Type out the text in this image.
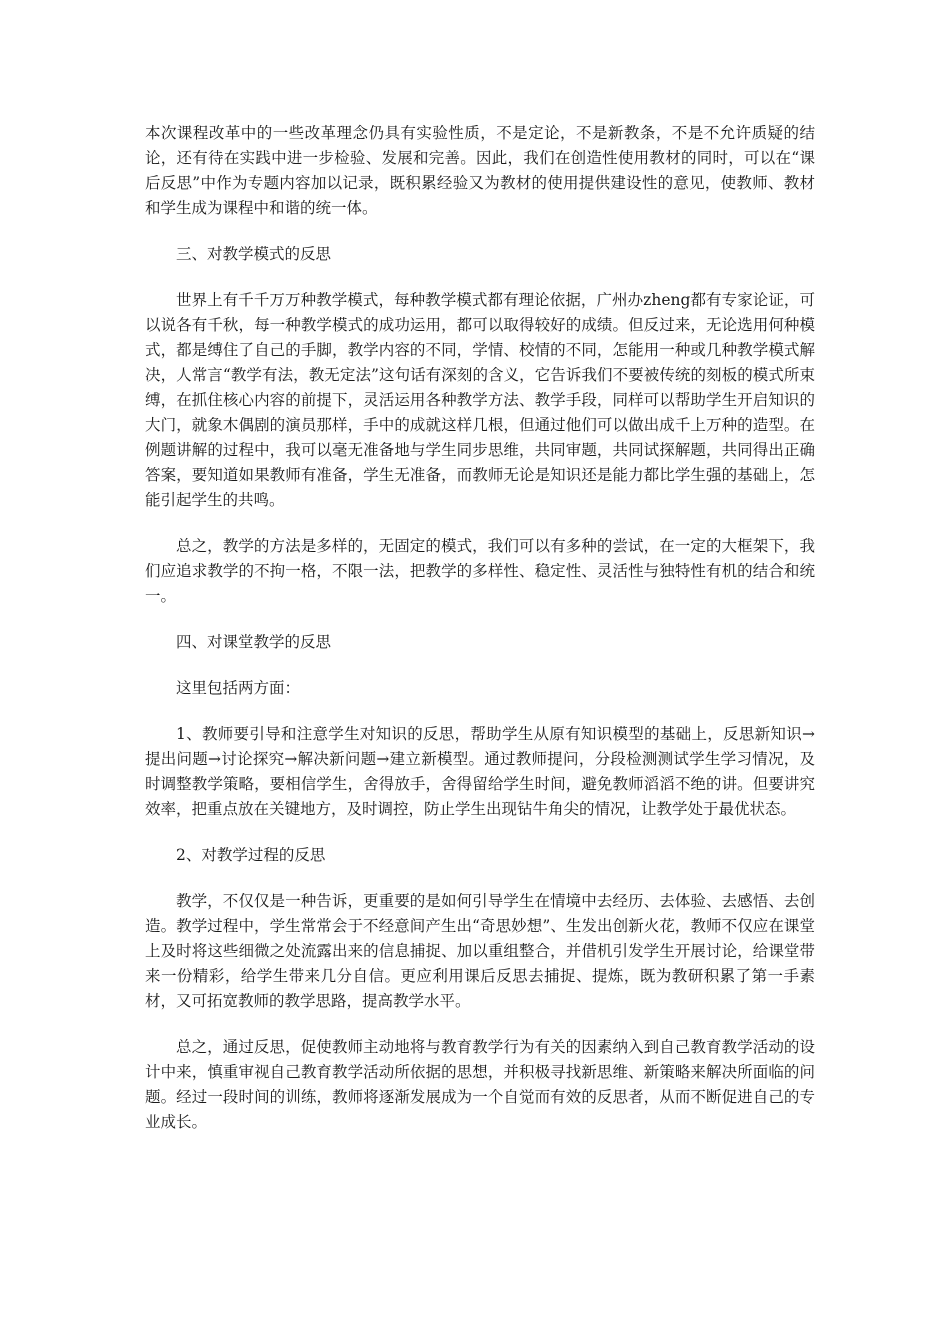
本次课程改革中的一些改革理念仍具有实验性质，不是定论，不是新教条，不是不允许质疑的结论，还有待在实践中进一步检验、发展和完善。因此，我们在创造性使用教材的同时，可以在“课后反思”中作为专题内容加以记录，既积累经验又为教材的使用提供建设性的意见，使教师、教材和学生成为课程中和谐的统一体。

三、对教学模式的反思

世界上有千千万万种教学模式，每种教学模式都有理论依据，广州办zheng都有专家论证，可以说各有千秋，每一种教学模式的成功运用，都可以取得较好的成绩。但反过来，无论选用何种模式，都是缚住了自己的手脚，教学内容的不同，学情、校情的不同，怎能用一种或几种教学模式解决，人常言“教学有法，教无定法”这句话有深刻的含义，它告诉我们不要被传统的刻板的模式所束缚，在抓住核心内容的前提下，灵活运用各种教学方法、教学手段，同样可以帮助学生开启知识的大门，就象木偶剧的演员那样，手中的成就这样几根，但通过他们可以做出成千上万种的造型。在例题讲解的过程中，我可以毫无准备地与学生同步思维，共同审题，共同试探解题，共同得出正确答案，要知道如果教师有准备，学生无准备，而教师无论是知识还是能力都比学生强的基础上，怎能引起学生的共鸣。

总之，教学的方法是多样的，无固定的模式，我们可以有多种的尝试，在一定的大框架下，我们应追求教学的不拘一格，不限一法，把教学的多样性、稳定性、灵活性与独特性有机的结合和统一。

四、对课堂教学的反思

这里包括两方面：

1、教师要引导和注意学生对知识的反思，帮助学生从原有知识模型的基础上，反思新知识→提出问题→讨论探究→解决新问题→建立新模型。通过教师提问，分段检测测试学生学习情况，及时调整教学策略，要相信学生，舍得放手，舍得留给学生时间，避免教师滔滔不绝的讲。但要讲究效率，把重点放在关键地方，及时调控，防止学生出现钻牛角尖的情况，让教学处于最优状态。

2、对教学过程的反思

教学，不仅仅是一种告诉，更重要的是如何引导学生在情境中去经历、去体验、去感悟、去创造。教学过程中，学生常常会于不经意间产生出“奇思妙想”、生发出创新火花，教师不仅应在课堂上及时将这些细微之处流露出来的信息捕捉、加以重组整合，并借机引发学生开展讨论，给课堂带来一份精彩，给学生带来几分自信。更应利用课后反思去捕捉、提炼，既为教研积累了第一手素材，又可拓宽教师的教学思路，提高教学水平。

总之，通过反思，促使教师主动地将与教育教学行为有关的因素纳入到自己教育教学活动的设计中来，慎重审视自己教育教学活动所依据的思想，并积极寻找新思维、新策略来解决所面临的问题。经过一段时间的训练，教师将逐渐发展成为一个自觉而有效的反思者，从而不断促进自己的专业成长。
